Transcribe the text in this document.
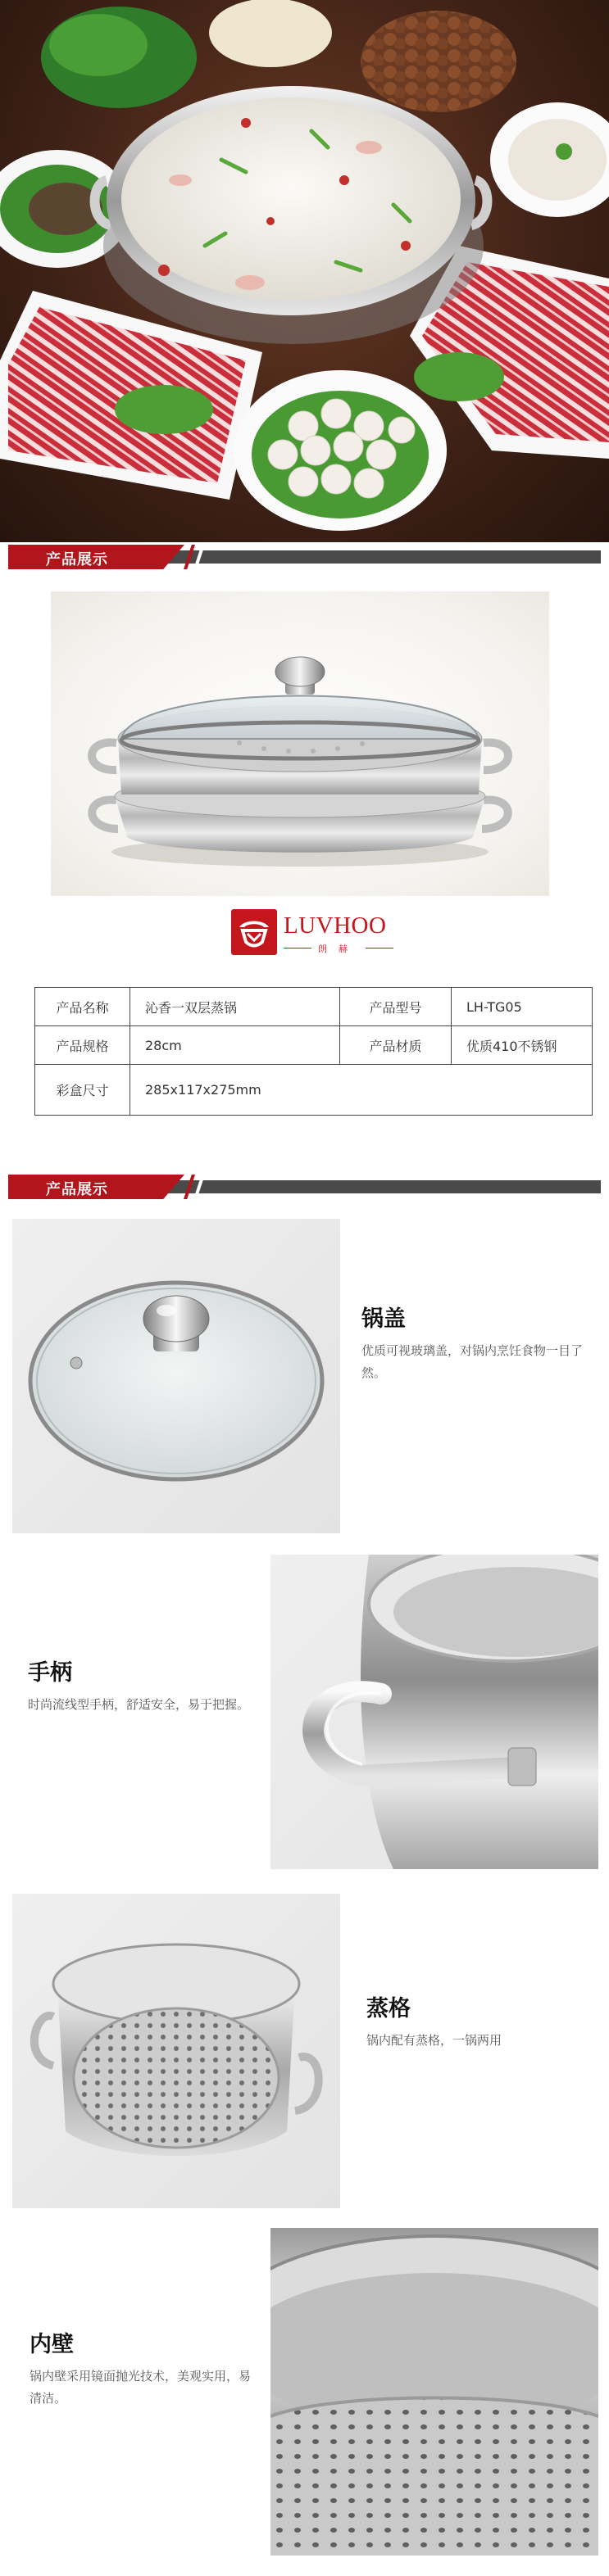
产品展示
LUVHOO
朗赫
产品名称	沁香一双层蒸锅	产品型号	LH-TG05
产品规格	28cm	产品材质	优质410不锈钢
彩盒尺寸	285x117x275mm		
产品展示
锅盖
优质可视玻璃盖，对锅内烹饪食物一目了然。
手柄
时尚流线型手柄，舒适安全，易于把握。
蒸格
锅内配有蒸格，一锅两用
内壁
锅内壁采用镜面抛光技术，美观实用，易清洁。
